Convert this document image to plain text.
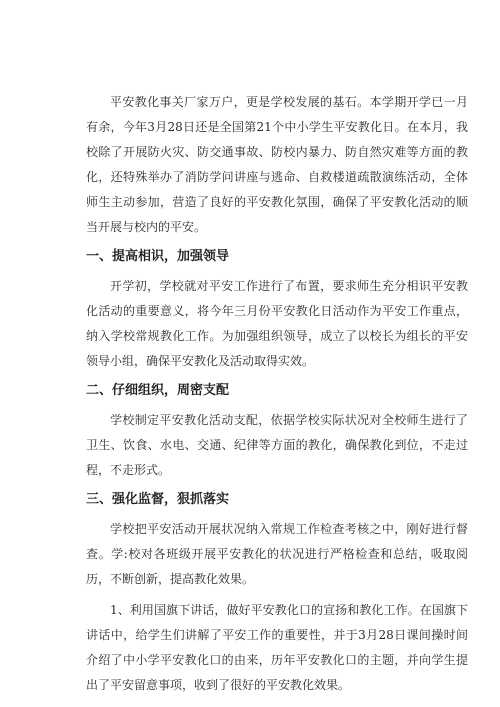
平安教化事关厂家万户，更是学校发展的基石。本学期开学已一月有余，今年3月28日还是全国第21个中小学生平安教化日。在本月，我校除了开展防火灾、防交通事故、防校内暴力、防自然灾难等方面的教化，还特殊举办了消防学问讲座与逃命、自救楼道疏散演练活动，全体师生主动参加，营造了良好的平安教化氛围，确保了平安教化活动的顺当开展与校内的平安。

一、提高相识，加强领导

开学初，学校就对平安工作进行了布置，要求师生充分相识平安教化活动的重要意义，将今年三月份平安教化日活动作为平安工作重点，纳入学校常规教化工作。为加强组织领导，成立了以校长为组长的平安领导小组，确保平安教化及活动取得实效。

二、仔细组织，周密支配

学校制定平安教化活动支配，依据学校实际状况对全校师生进行了卫生、饮食、水电、交通、纪律等方面的教化，确保教化到位，不走过程，不走形式。

三、强化监督，狠抓落实

学校把平安活动开展状况纳入常规工作检查考核之中，刚好进行督查。学:校对各班级开展平安教化的状况进行严格检查和总结，吸取阅历，不断创新，提高教化效果。

1、利用国旗下讲话，做好平安教化口的宣扬和教化工作。在国旗下讲话中，给学生们讲解了平安工作的重要性，并于3月28日课间操时间介绍了中小学平安教化口的由来，历年平安教化口的主题，并向学生提出了平安留意事项，收到了很好的平安教化效果。
